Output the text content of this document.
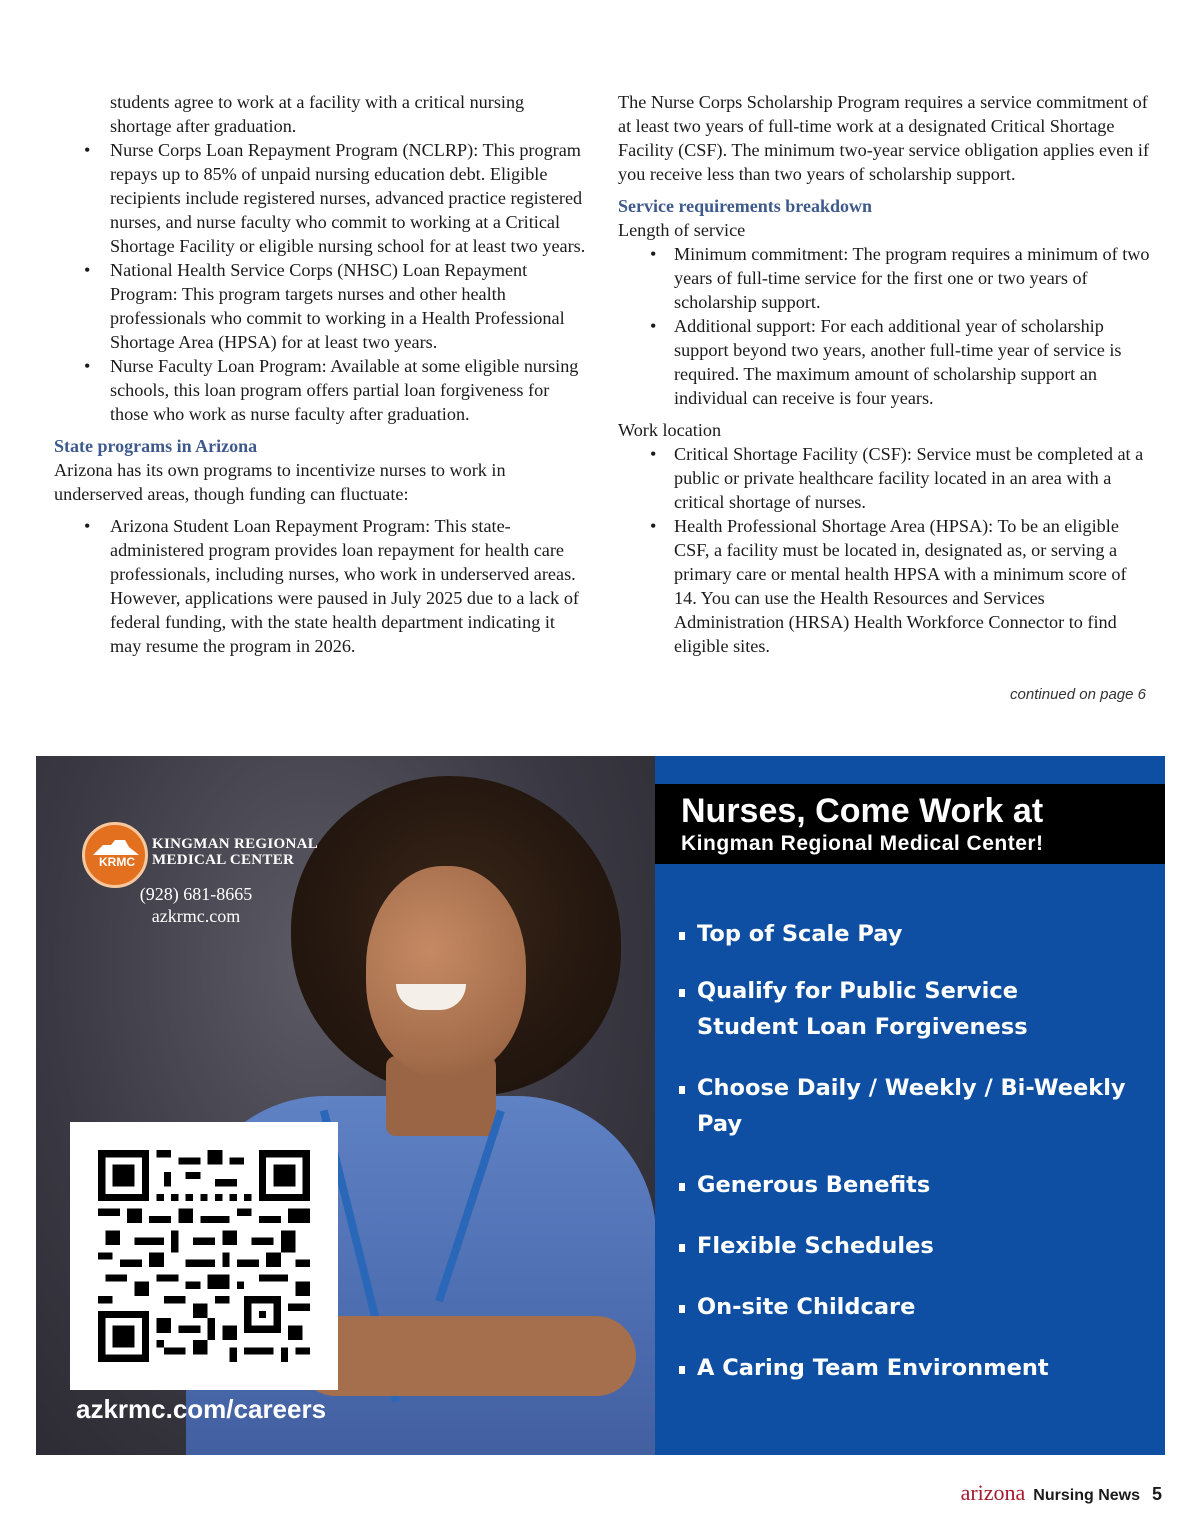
students agree to work at a facility with a critical nursing shortage after graduation.

• Nurse Corps Loan Repayment Program (NCLRP): This program repays up to 85% of unpaid nursing education debt. Eligible recipients include registered nurses, advanced practice registered nurses, and nurse faculty who commit to working at a Critical Shortage Facility or eligible nursing school for at least two years.
• National Health Service Corps (NHSC) Loan Repayment Program: This program targets nurses and other health professionals who commit to working in a Health Professional Shortage Area (HPSA) for at least two years.
• Nurse Faculty Loan Program: Available at some eligible nursing schools, this loan program offers partial loan forgiveness for those who work as nurse faculty after graduation.
State programs in Arizona

Arizona has its own programs to incentivize nurses to work in underserved areas, though funding can fluctuate:

• Arizona Student Loan Repayment Program: This state-administered program provides loan repayment for health care professionals, including nurses, who work in underserved areas. However, applications were paused in July 2025 due to a lack of federal funding, with the state health department indicating it may resume the program in 2026.

The Nurse Corps Scholarship Program requires a service commitment of at least two years of full-time work at a designated Critical Shortage Facility (CSF). The minimum two-year service obligation applies even if you receive less than two years of scholarship support.

Service requirements breakdown
Length of service
• Minimum commitment: The program requires a minimum of two years of full-time service for the first one or two years of scholarship support.
• Additional support: For each additional year of scholarship support beyond two years, another full-time year of service is required. The maximum amount of scholarship support an individual can receive is four years.
Work location
• Critical Shortage Facility (CSF): Service must be completed at a public or private healthcare facility located in an area with a critical shortage of nurses.
• Health Professional Shortage Area (HPSA): To be an eligible CSF, a facility must be located in, designated as, or serving a primary care or mental health HPSA with a minimum score of 14. You can use the Health Resources and Services Administration (HRSA) Health Workforce Connector to find eligible sites.
continued on page 6
KRMC
KINGMAN REGIONAL
MEDICAL CENTER
(928) 681-8665
azkrmc.com
azkrmc.com/careers
Nurses, Come Work at
Kingman Regional Medical Center!
Top of Scale Pay
Qualify for Public Service
Student Loan Forgiveness
Choose Daily / Weekly / Bi-Weekly Pay
Generous Benefits
Flexible Schedules
On-site Childcare
A Caring Team Environment
arizona Nursing News 5
